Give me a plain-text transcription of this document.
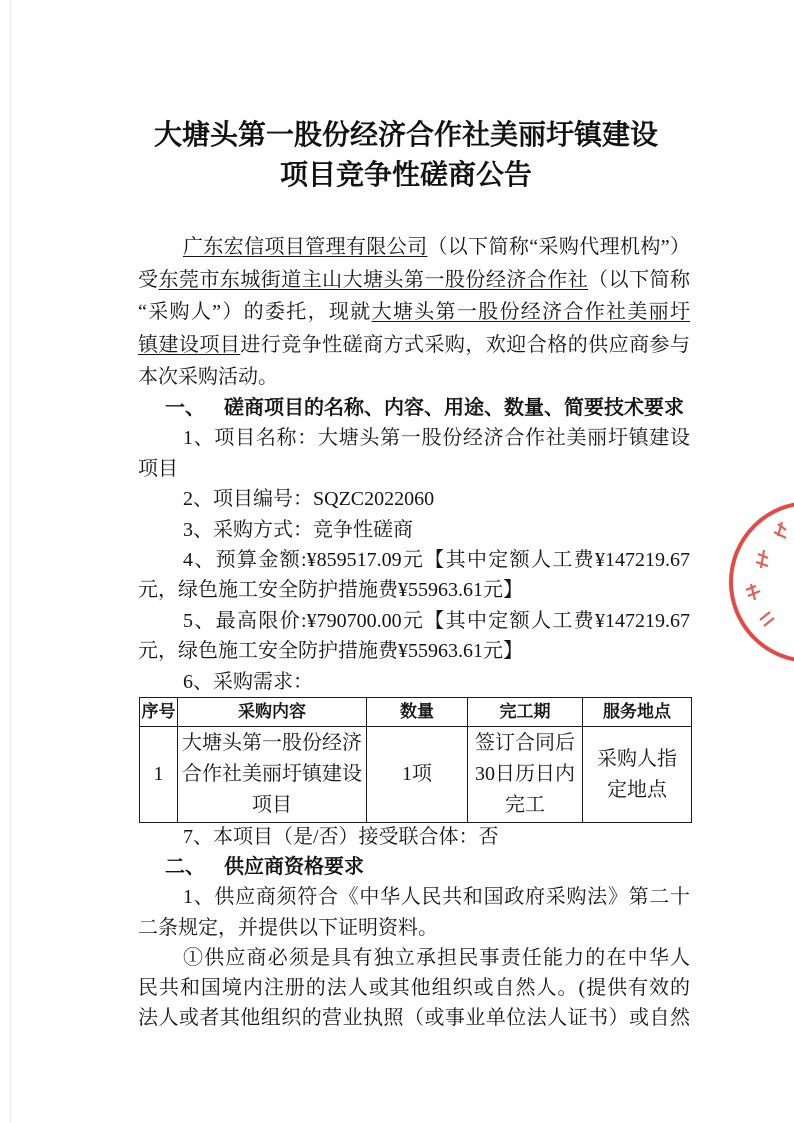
大塘头第一股份经济合作社美丽圩镇建设
项目竞争性磋商公告
广东宏信项目管理有限公司（以下简称“采购代理机构”）
受东莞市东城街道主山大塘头第一股份经济合作社（以下简称
“采购人”）的委托，现就大塘头第一股份经济合作社美丽圩
镇建设项目进行竞争性磋商方式采购，欢迎合格的供应商参与
本次采购活动。
一、 磋商项目的名称、内容、用途、数量、简要技术要求
1、项目名称：大塘头第一股份经济合作社美丽圩镇建设
项目
2、项目编号：SQZC2022060
3、采购方式：竞争性磋商
4、预算金额:¥859517.09元【其中定额人工费¥147219.67
元，绿色施工安全防护措施费¥55963.61元】
5、最高限价:¥790700.00元【其中定额人工费¥147219.67
元，绿色施工安全防护措施费¥55963.61元】
6、采购需求：
序号	采购内容	数量	完工期	服务地点
1	大塘头第一股份经济合作社美丽圩镇建设项目	1项	签订合同后30日历日内完工	采购人指定地点
7、本项目（是/否）接受联合体：否
二、 供应商资格要求
1、供应商须符合《中华人民共和国政府采购法》第二十
二条规定，并提供以下证明资料。
①供应商必须是具有独立承担民事责任能力的在中华人
民共和国境内注册的法人或其他组织或自然人。(提供有效的
法人或者其他组织的营业执照（或事业单位法人证书）或自然
